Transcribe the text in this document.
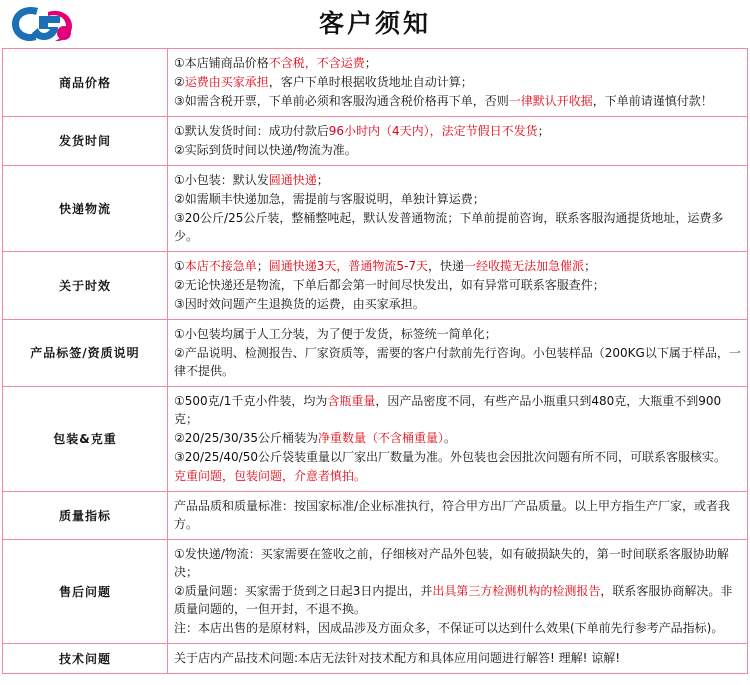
客户须知
商品价格	①本店铺商品价格不含税，不含运费；

②运费由买家承担，客户下单时根据收货地址自动计算；

③如需含税开票，下单前必须和客服沟通含税价格再下单，否则一律默认开收据，下单前请谨慎付款！

发货时间	①默认发货时间：成功付款后96小时内（4天内），法定节假日不发货；

②实际到货时间以快递/物流为准。

快递物流	①小包装：默认发圆通快递；

②如需顺丰快递加急，需提前与客服说明，单独计算运费；

③20公斤/25公斤装，整桶整吨起，默认发普通物流；下单前提前咨询，联系客服沟通提货地址，运费多少。

关于时效	①本店不接急单；圆通快递3天，普通物流5-7天，快递一经收揽无法加急催派；

②无论快递还是物流，下单后都会第一时间尽快发出，如有异常可联系客服查件；

③因时效问题产生退换货的运费，由买家承担。

产品标签/资质说明	①小包装均属于人工分装，为了便于发货，标签统一简单化；

②产品说明、检测报告、厂家资质等，需要的客户付款前先行咨询。小包装样品（200KG以下属于样品，一律不提供。

包装&克重	①500克/1千克小件装，均为含瓶重量，因产品密度不同，有些产品小瓶重只到480克，大瓶重不到900克；

②20/25/30/35公斤桶装为净重数量（不含桶重量）。

③20/25/40/50公斤袋装重量以厂家出厂数量为准。外包装也会因批次问题有所不同，可联系客服核实。

克重问题，包装问题，介意者慎拍。

质量指标	产品品质和质量标准：按国家标准/企业标准执行，符合甲方出厂产品质量。以上甲方指生产厂家，或者我方。

售后问题	①发快递/物流：买家需要在签收之前，仔细核对产品外包装，如有破损缺失的，第一时间联系客服协助解决；

②质量问题：买家需于货到之日起3日内提出，并出具第三方检测机构的检测报告，联系客服协商解决。非质量问题的，一但开封，不退不换。

注：本店出售的是原材料，因成品涉及方面众多，不保证可以达到什么效果(下单前先行参考产品指标)。

技术问题	关于店内产品技术问题:本店无法针对技术配方和具体应用问题进行解答! 理解! 谅解!
